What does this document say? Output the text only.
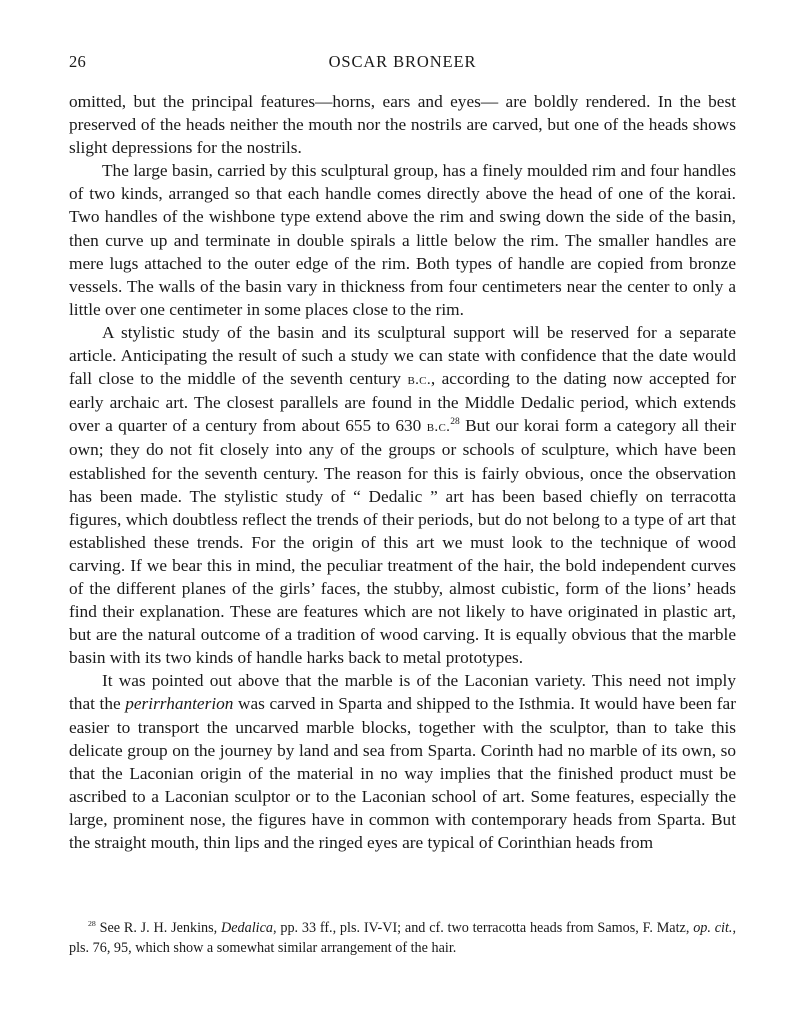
26	OSCAR BRONEER

omitted, but the principal features—horns, ears and eyes— are boldly rendered. In the best preserved of the heads neither the mouth nor the nostrils are carved, but one of the heads shows slight depressions for the nostrils.

The large basin, carried by this sculptural group, has a finely moulded rim and four handles of two kinds, arranged so that each handle comes directly above the head of one of the korai. Two handles of the wishbone type extend above the rim and swing down the side of the basin, then curve up and terminate in double spirals a little below the rim. The smaller handles are mere lugs attached to the outer edge of the rim. Both types of handle are copied from bronze vessels. The walls of the basin vary in thickness from four centimeters near the center to only a little over one centimeter in some places close to the rim.

A stylistic study of the basin and its sculptural support will be reserved for a separate article. Anticipating the result of such a study we can state with confidence that the date would fall close to the middle of the seventh century b.c., according to the dating now accepted for early archaic art. The closest parallels are found in the Middle Dedalic period, which extends over a quarter of a century from about 655 to 630 b.c.$^{28}$ But our korai form a category all their own; they do not fit closely into any of the groups or schools of sculpture, which have been established for the seventh century. The reason for this is fairly obvious, once the observation has been made. The stylistic study of “ Dedalic ” art has been based chiefly on terracotta figures, which doubtless reflect the trends of their periods, but do not belong to a type of art that established these trends. For the origin of this art we must look to the technique of wood carving. If we bear this in mind, the peculiar treatment of the hair, the bold independent curves of the different planes of the girls’ faces, the stubby, almost cubistic, form of the lions’ heads find their explanation. These are features which are not likely to have originated in plastic art, but are the natural outcome of a tradition of wood carving. It is equally obvious that the marble basin with its two kinds of handle harks back to metal prototypes.

It was pointed out above that the marble is of the Laconian variety. This need not imply that the perirrhanterion was carved in Sparta and shipped to the Isthmia. It would have been far easier to transport the uncarved marble blocks, together with the sculptor, than to take this delicate group on the journey by land and sea from Sparta. Corinth had no marble of its own, so that the Laconian origin of the material in no way implies that the finished product must be ascribed to a Laconian sculptor or to the Laconian school of art. Some features, especially the large, prominent nose, the figures have in common with contemporary heads from Sparta. But the straight mouth, thin lips and the ringed eyes are typical of Corinthian heads from

$^{28}$ See R. J. H. Jenkins, Dedalica, pp. 33 ff., pls. IV-VI; and cf. two terracotta heads from Samos, F. Matz, op. cit., pls. 76, 95, which show a somewhat similar arrangement of the hair.
